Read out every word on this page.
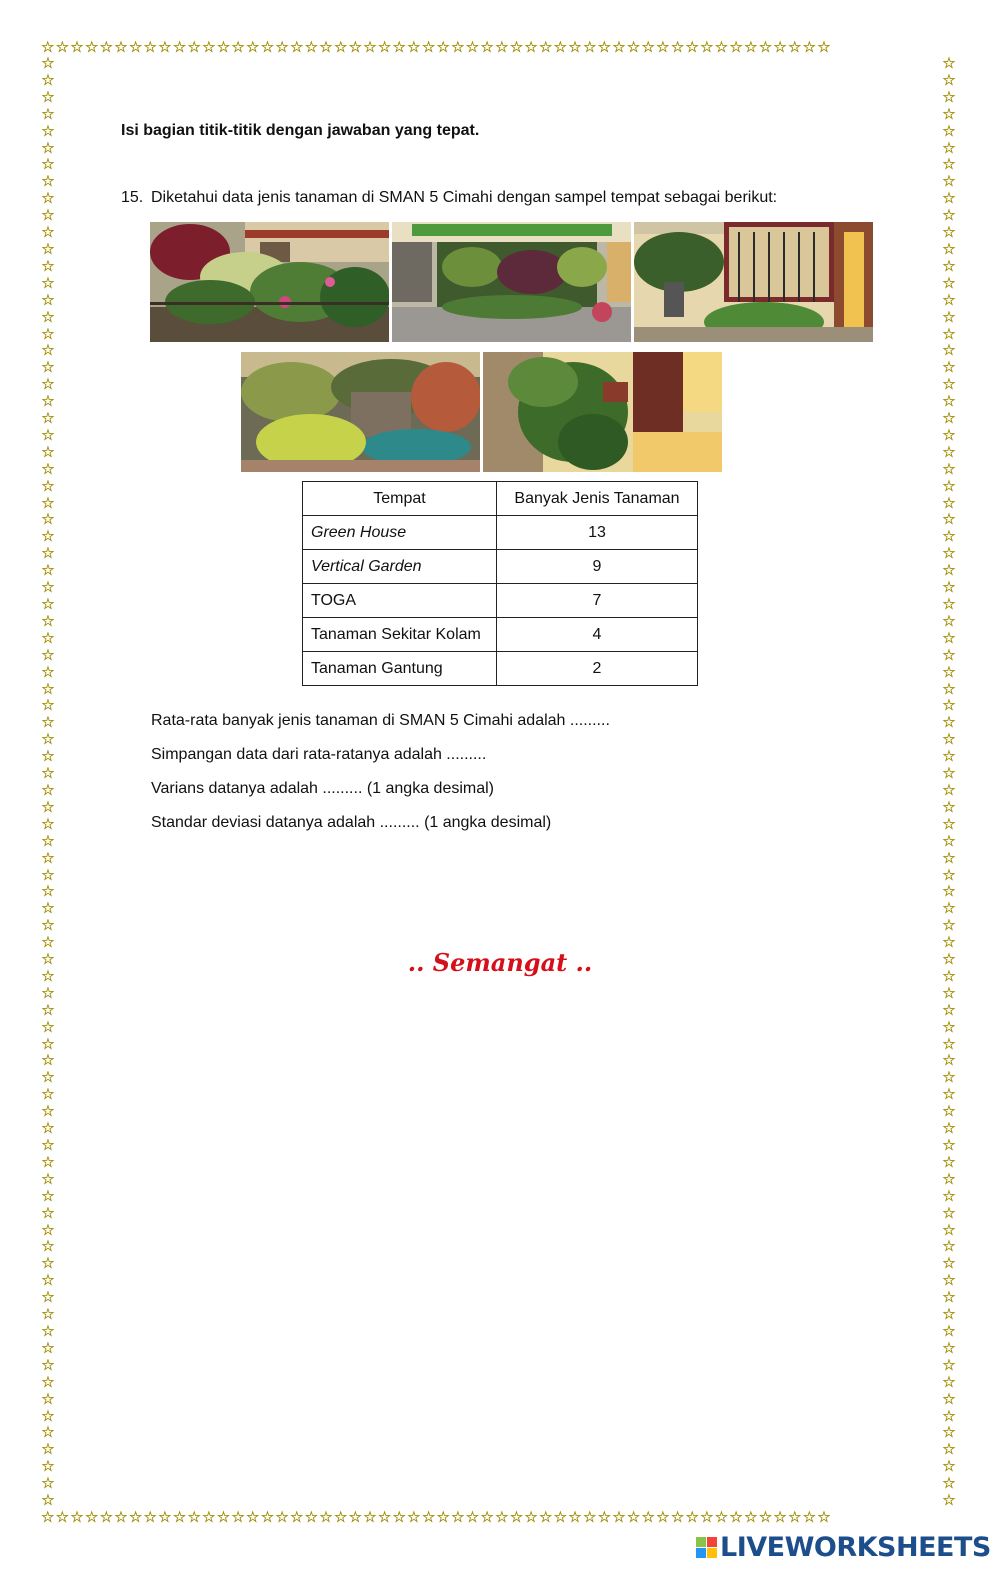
☆☆☆☆☆☆☆☆☆☆☆☆☆☆☆☆☆☆☆☆☆☆☆☆☆☆☆☆☆☆☆☆☆☆☆☆☆☆☆☆☆☆☆☆☆☆☆☆☆☆☆☆☆☆
☆☆☆☆☆☆☆☆☆☆☆☆☆☆☆☆☆☆☆☆☆☆☆☆☆☆☆☆☆☆☆☆☆☆☆☆☆☆☆☆☆☆☆☆☆☆☆☆☆☆☆☆☆☆
☆☆☆☆☆☆☆☆☆☆☆☆☆☆☆☆☆☆☆☆☆☆☆☆☆☆☆☆☆☆☆☆☆☆☆☆☆☆☆☆☆☆☆☆☆☆☆☆☆☆☆☆☆☆☆☆☆☆☆☆☆☆☆☆☆☆☆☆☆☆☆☆☆☆☆☆☆☆☆☆☆☆☆☆☆☆
☆☆☆☆☆☆☆☆☆☆☆☆☆☆☆☆☆☆☆☆☆☆☆☆☆☆☆☆☆☆☆☆☆☆☆☆☆☆☆☆☆☆☆☆☆☆☆☆☆☆☆☆☆☆☆☆☆☆☆☆☆☆☆☆☆☆☆☆☆☆☆☆☆☆☆☆☆☆☆☆☆☆☆☆☆☆
Isi bagian titik-titik dengan jawaban yang tepat.
15. Diketahui data jenis tanaman di SMAN 5 Cimahi dengan sampel tempat sebagai berikut:
Tempat	Banyak Jenis Tanaman
Green House	13
Vertical Garden	9
TOGA	7
Tanaman Sekitar Kolam	4
Tanaman Gantung	2
Rata-rata banyak jenis tanaman di SMAN 5 Cimahi adalah .........
Simpangan data dari rata-ratanya adalah .........
Varians datanya adalah ......... (1 angka desimal)
Standar deviasi datanya adalah ......... (1 angka desimal)
.. Semangat ..
LIVEWORKSHEETS
